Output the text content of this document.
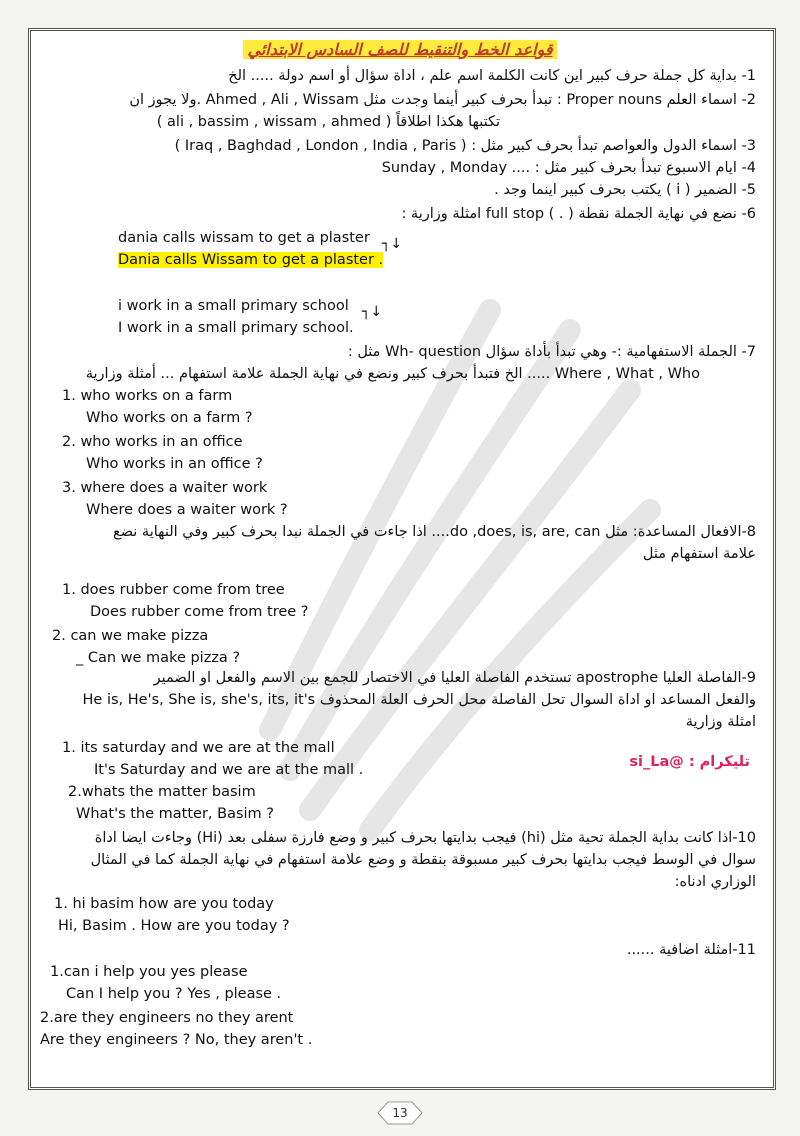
قواعد الخط والتنقيط للصف السادس الابتدائي
1- بداية كل جملة حرف كبير اين كانت الكلمة اسم علم ، اداة سؤال أو اسم دولة ..... الخ
2- اسماء العلم Proper nouns : تبدأ بحرف كبير أينما وجدت مثل Ahmed , Ali , Wissam .ولا يجوز ان
تكتبها هكذا اطلاقاً ( ali , bassim , wissam , ahmed )
3- اسماء الدول والعواصم تبدأ بحرف كبير مثل : ( Iraq , Baghdad , London , India , Paris )
4- ايام الاسبوع تبدأ بحرف كبير مثل : .... Sunday , Monday
5- الضمير ( i ) يكتب بحرف كبير اينما وجد .
6- نضع في نهاية الجملة نقطة ( . ) full stop امثلة وزارية :
dania calls wissam to get a plaster
Dania calls Wissam to get a plaster .
┐↓
i work in a small primary school
I work in a small primary school.
┐↓
7- الجملة الاستفهامية :- وهي تبدأ بأداة سؤال Wh- question مثل :
Where , What , Who ..... الخ فتبدأ بحرف كبير ونضع في نهاية الجملة علامة استفهام ... أمثلة وزارية
1. who works on a farm
Who works on a farm ?
2. who works in an office
Who works in an office ?
3. where does a waiter work
Where does a waiter work ?
8-الافعال المساعدة: مثل do ,does, is, are, can.... اذا جاءت في الجملة نبدا بحرف كبير وفي النهاية نضع
علامة استفهام مثل
1. does rubber come from tree
Does rubber come from tree ?
2. can we make pizza
_ Can we make pizza ?
9-الفاصلة العليا apostrophe تستخدم الفاصلة العليا في الاختصار للجمع بين الاسم والفعل او الضمير
والفعل المساعد او اداة السوال تحل الفاصلة محل الحرف العلة المحذوف He is, He's, She is, she's, its, it's
امثلة وزارية
1. its saturday and we are at the mall
It's Saturday and we are at the mall .	تليكرام : @si_La
2.whats the matter basim
What's the matter, Basim ?
10-اذا كانت بداية الجملة تحية مثل (hi) فيجب بدايتها بحرف كبير و وضع فارزة سفلى بعد (Hi) وجاءت ايضا اداة
سوال في الوسط فيجب بدايتها بحرف كبير مسبوقة بنقطة و وضع علامة استفهام في نهاية الجملة كما في المثال
الوزاري ادناه:
1. hi basim how are you today
Hi, Basim . How are you today ?
11-امثلة اضافية ......
1.can i help you yes please
Can I help you ? Yes , please .
2.are they engineers no they arent
Are they engineers ? No, they aren't .
13
